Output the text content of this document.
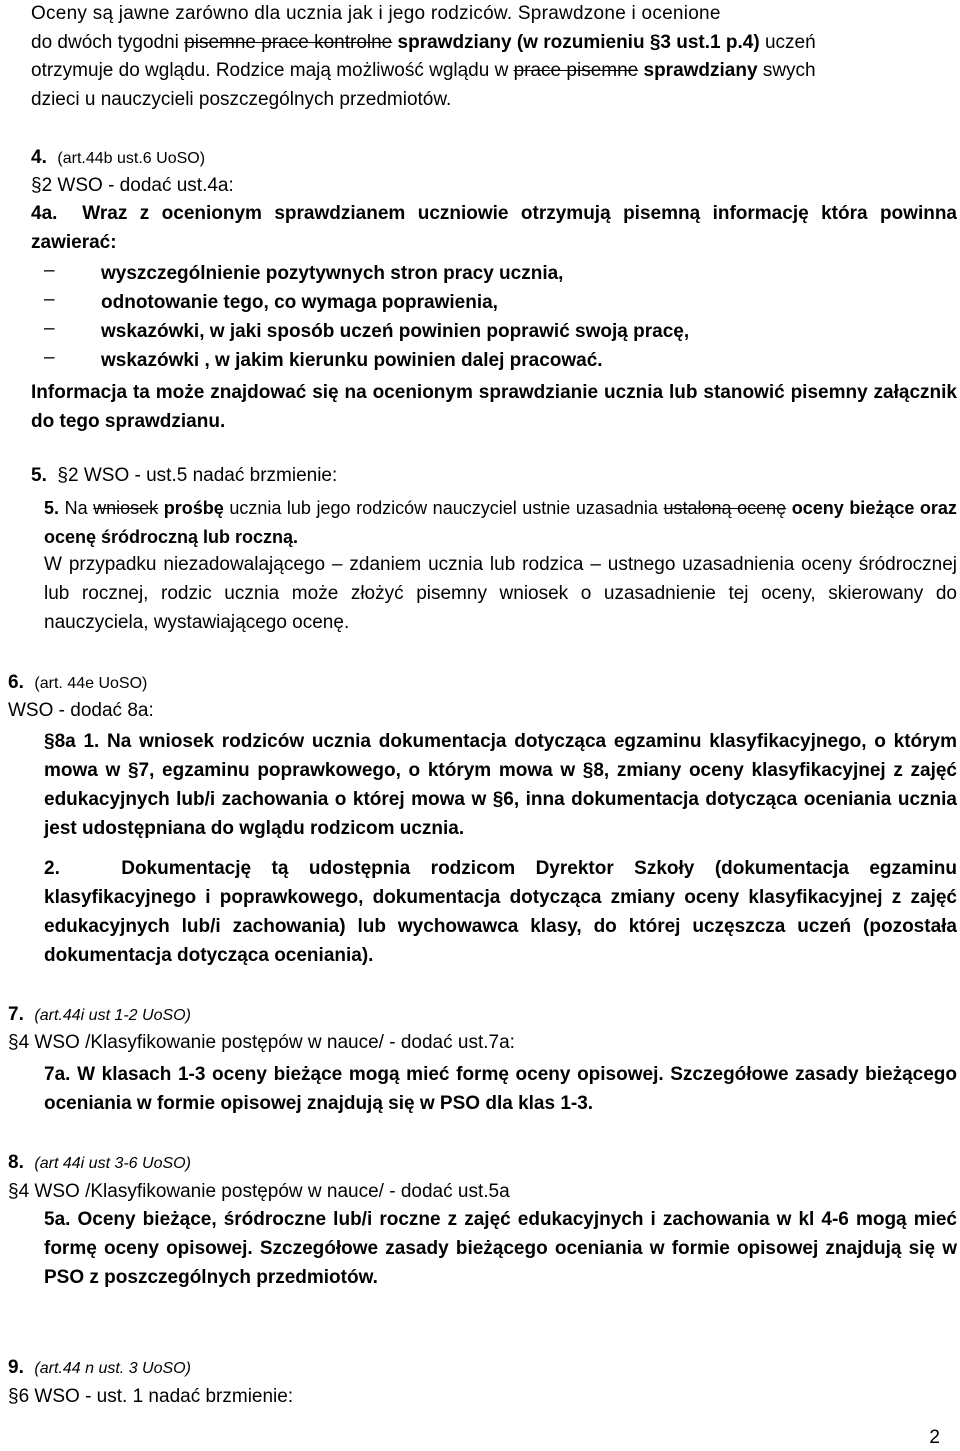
Oceny są jawne zarówno dla ucznia jak i jego rodziców. Sprawdzone i ocenione
do dwóch tygodni pisemne prace kontrolne sprawdziany (w rozumieniu §3 ust.1 p.4) uczeń
otrzymuje do wglądu. Rodzice mają możliwość wglądu w prace pisemne sprawdziany swych
dzieci u nauczycieli poszczególnych przedmiotów.
4. (art.44b ust.6 UoSO)
§2 WSO - dodać ust.4a:
4a. Wraz z ocenionym sprawdzianem uczniowie otrzymują pisemną informację która powinna zawierać:
– wyszczególnienie pozytywnych stron pracy ucznia,
– odnotowanie tego, co wymaga poprawienia,
– wskazówki, w jaki sposób uczeń powinien poprawić swoją pracę,
– wskazówki , w jakim kierunku powinien dalej pracować.
Informacja ta może znajdować się na ocenionym sprawdzianie ucznia lub stanowić pisemny załącznik do tego sprawdzianu.
5. §2 WSO - ust.5 nadać brzmienie:
5. Na wniosek prośbę ucznia lub jego rodziców nauczyciel ustnie uzasadnia ustaloną ocenę oceny bieżące oraz ocenę śródroczną lub roczną.
W przypadku niezadowalającego – zdaniem ucznia lub rodzica – ustnego uzasadnienia oceny śródrocznej lub rocznej, rodzic ucznia może złożyć pisemny wniosek o uzasadnienie tej oceny, skierowany do nauczyciela, wystawiającego ocenę.
6. (art. 44e UoSO)
WSO - dodać 8a:
§8a 1. Na wniosek rodziców ucznia dokumentacja dotycząca egzaminu klasyfikacyjnego, o którym mowa w §7, egzaminu poprawkowego, o którym mowa w §8, zmiany oceny klasyfikacyjnej z zajęć edukacyjnych lub/i zachowania o której mowa w §6, inna dokumentacja dotycząca oceniania ucznia jest udostępniana do wglądu rodzicom ucznia.
2.	Dokumentację tą udostępnia rodzicom Dyrektor Szkoły (dokumentacja egzaminu klasyfikacyjnego i poprawkowego, dokumentacja dotycząca zmiany oceny klasyfikacyjnej z zajęć edukacyjnych lub/i zachowania) lub wychowawca klasy, do której uczęszcza uczeń (pozostała dokumentacja dotycząca oceniania).
7. (art.44i ust 1-2 UoSO)
§4 WSO /Klasyfikowanie postępów w nauce/ - dodać ust.7a:
7a. W klasach 1-3 oceny bieżące mogą mieć formę oceny opisowej. Szczegółowe zasady bieżącego oceniania w formie opisowej znajdują się w PSO dla klas 1-3.
8. (art 44i ust 3-6 UoSO)
§4 WSO /Klasyfikowanie postępów w nauce/ - dodać ust.5a
5a. Oceny bieżące, śródroczne lub/i roczne z zajęć edukacyjnych i zachowania w kl 4-6 mogą mieć formę oceny opisowej. Szczegółowe zasady bieżącego oceniania w formie opisowej znajdują się w PSO z poszczególnych przedmiotów.
9. (art.44 n ust. 3 UoSO)
§6 WSO - ust. 1 nadać brzmienie:
2
